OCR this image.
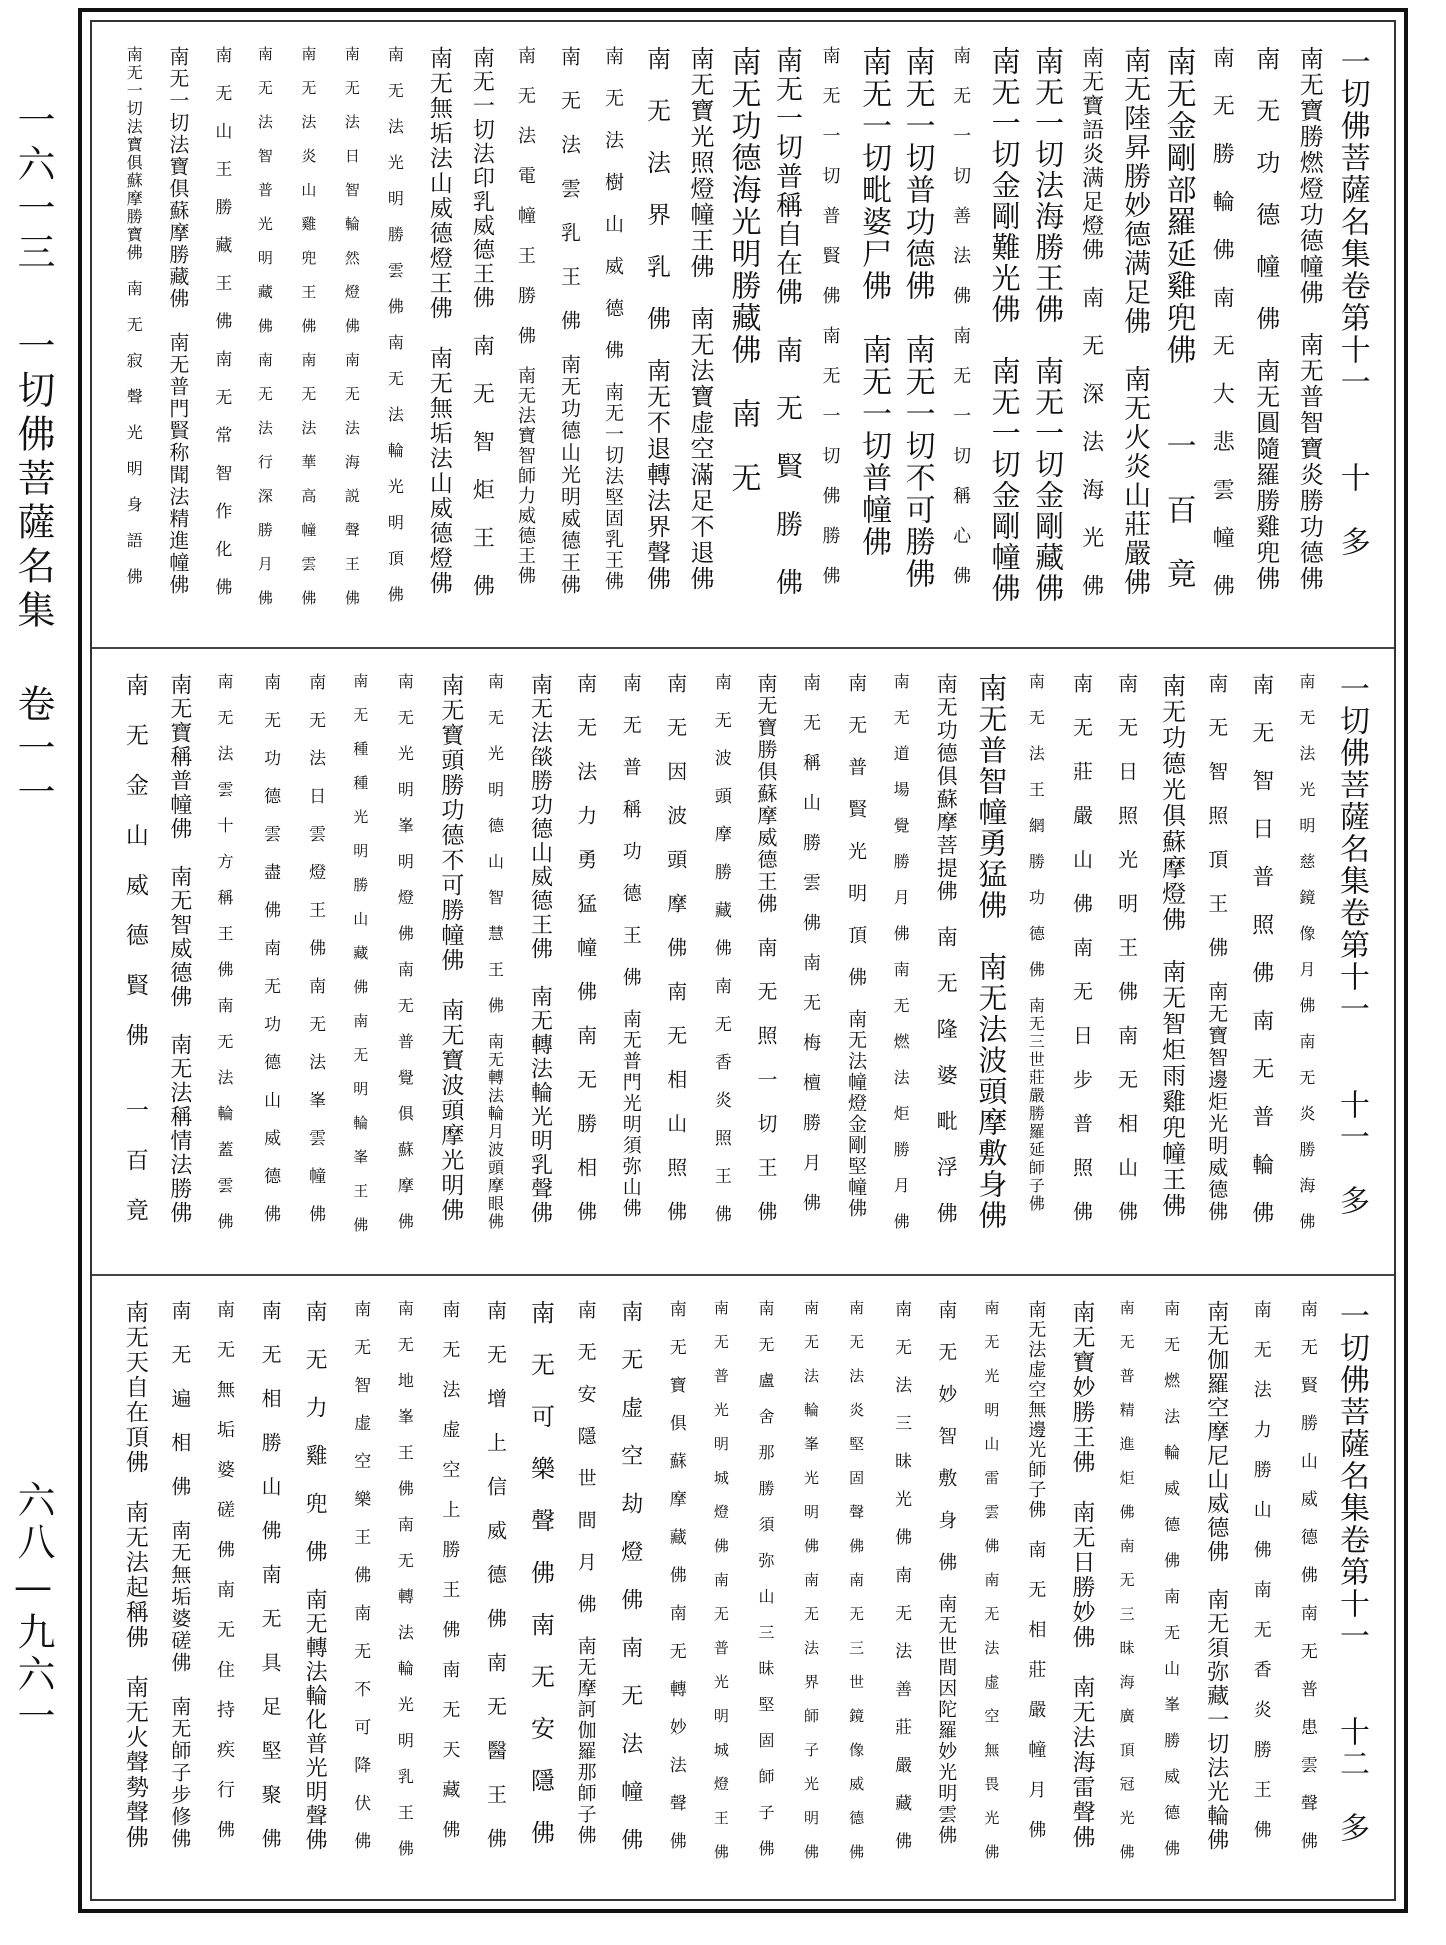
一六一三 一切佛菩薩名集 卷一一
六八—九六一
一切佛菩薩名集卷第十一　　十　多
南无寶勝燃燈功德幢佛　南无普智寶炎勝功德佛
南　无　功　德　幢　佛　南无圓隨羅勝雞兜佛
南　无　勝　輪　佛　南　无　大　悲　雲　幢　佛
南无金剛部羅延雞兜佛　　一　百　竟
南无陸昇勝妙德满足佛　南无火炎山莊嚴佛
南无寶語炎满足燈佛　南　无　深　法　海　光　佛
南无一切法海勝王佛　南无一切金剛藏佛
南无一切金剛難光佛　南无一切金剛幢佛
南　无　一　切　善　法　佛　南　无　一　切　稱　心　佛
南无一切普功德佛　南无一切不可勝佛
南无一切毗婆尸佛　南无一切普幢佛
南　无　一　切　普　賢　佛　南　无　一　切　佛　勝　佛
南无一切普稱自在佛　南　无　賢　勝　佛
南无功德海光明勝藏佛　南　无
南无寶光照燈幢王佛　南无法寶虚空滿足不退佛
南　无　法　界　乳　佛　南无不退轉法界聲佛
南　无　法　樹　山　威　德　佛　南无一切法堅固乳王佛
南　无　法　雲　乳　王　佛　南无功德山光明威德王佛
南　无　法　電　幢　王　勝　佛　南无法寶智師力威德王佛
南无一切法印乳威德王佛　南　无　智　炬　王　佛
南无無垢法山威德燈王佛　南无無垢法山威德燈佛
南　无　法　光　明　勝　雲　佛　南　无　法　輪　光　明　頂　佛
南　无　法　日　智　輪　然　燈　佛　南　无　法　海　説　聲　王　佛
南　无　法　炎　山　雞　兜　王　佛　南　无　法　華　高　幢　雲　佛
南　无　法　智　普　光　明　藏　佛　南　无　法　行　深　勝　月　佛
南　无　山　王　勝　藏　王　佛　南　无　常　智　作　化　佛
南无一切法寶俱蘇摩勝藏佛　南无普門賢称聞法精進幢佛
南无一切法寶俱蘇摩勝寶佛　南　无　寂　聲　光　明　身　語　佛
一切佛菩薩名集卷第十一　　十一　多
南　无　法　光　明　慈　鏡　像　月　佛　南　无　炎　勝　海　佛
南　无　智　日　普　照　佛　南　无　普　輪　佛
南　无　智　照　頂　王　佛　南无寶智邊炬光明威德佛
南无功德光俱蘇摩燈佛　南无智炬雨雞兜幢王佛
南　无　日　照　光　明　王　佛　南　无　相　山　佛
南　无　莊　嚴　山　佛　南　无　日　步　普　照　佛
南　无　法　王　網　勝　功　德　佛　南无三世莊嚴勝羅延師子佛
南无普智幢勇猛佛　南无法波頭摩敷身佛
南无功德俱蘇摩菩提佛　南　无　隆　婆　毗　浮　佛
南　无　道　場　覺　勝　月　佛　南　无　燃　法　炬　勝　月　佛
南　无　普　賢　光　明　頂　佛　南无法幢燈金剛堅幢佛
南　无　稱　山　勝　雲　佛　南　无　梅　檀　勝　月　佛
南无寶勝俱蘇摩威德王佛　南　无　照　一　切　王　佛
南　无　波　頭　摩　勝　藏　佛　南　无　香　炎　照　王　佛
南　无　因　波　頭　摩　佛　南　无　相　山　照　佛
南　无　普　稱　功　德　王　佛　南无普門光明須弥山佛
南　无　法　力　勇　猛　幢　佛　南　无　勝　相　佛
南无法燄勝功德山威德王佛　南无轉法輪光明乳聲佛
南　无　光　明　德　山　智　慧　王　佛　南无轉法輪月波頭摩眼佛
南无寶頭勝功德不可勝幢佛　南无寶波頭摩光明佛
南　无　光　明　峯　明　燈　佛　南　无　普　覺　俱　蘇　摩　佛
南　无　種　種　光　明　勝　山　藏　佛　南　无　明　輪　峯　王　佛
南　无　法　日　雲　燈　王　佛　南　无　法　峯　雲　幢　佛
南　无　功　德　雲　盡　佛　南　无　功　德　山　威　德　佛
南　无　法　雲　十　方　稱　王　佛　南　无　法　輪　蓋　雲　佛
南无寶稱普幢佛　南无智威德佛　南无法稱情法勝佛
南　无　金　山　威　德　賢　佛　　一　百　竟
一切佛菩薩名集卷第十一　　十二　多
南　无　賢　勝　山　威　德　佛　南　无　普　患　雲　聲　佛
南　无　法　力　勝　山　佛　南　无　香　炎　勝　王　佛
南无伽羅空摩尼山威德佛　南无須弥藏一切法光輪佛
南　无　燃　法　輪　威　德　佛　南　无　山　峯　勝　威　德　佛
南　无　普　精　進　炬　佛　南　无　三　昧　海　廣　頂　冠　光　佛
南无寶妙勝王佛　南无日勝妙佛　南无法海雷聲佛
南无法虚空無邊光師子佛　南　无　相　莊　嚴　幢　月　佛
南　无　光　明　山　雷　雲　佛　南　无　法　虚　空　無　畏　光　佛
南　无　妙　智　敷　身　佛　南无世間因陀羅妙光明雲佛
南　无　法　三　昧　光　佛　南　无　法　善　莊　嚴　藏　佛
南　无　法　炎　堅　固　聲　佛　南　无　三　世　鏡　像　威　德　佛
南　无　法　輪　峯　光　明　佛　南　无　法　界　師　子　光　明　佛
南　无　盧　舍　那　勝　須　弥　山　三　昧　堅　固　師　子　佛
南　无　普　光　明　城　燈　佛　南　无　普　光　明　城　燈　王　佛
南　无　寶　俱　蘇　摩　藏　佛　南　无　轉　妙　法　聲　佛
南　无　虚　空　劫　燈　佛　南　无　法　幢　佛
南　无　安　隱　世　間　月　佛　南无摩訶伽羅那師子佛
南　无　可　樂　聲　佛　南　无　安　隱　佛
南　无　增　上　信　威　德　佛　南　无　醫　王　佛
南　无　法　虚　空　上　勝　王　佛　南　无　天　藏　佛
南　无　地　峯　王　佛　南　无　轉　法　輪　光　明　乳　王　佛
南　无　智　虚　空　樂　王　佛　南　无　不　可　降　伏　佛
南　无　力　雞　兜　佛　南无轉法輪化普光明聲佛
南　无　相　勝　山　佛　南　无　具　足　堅　聚　佛
南　无　無　垢　婆　磋　佛　南　无　住　持　疾　行　佛
南　无　遍　相　佛　南无無垢婆磋佛　南无師子步修佛
南无天自在頂佛　南无法起稱佛　南无火聲勢聲佛
